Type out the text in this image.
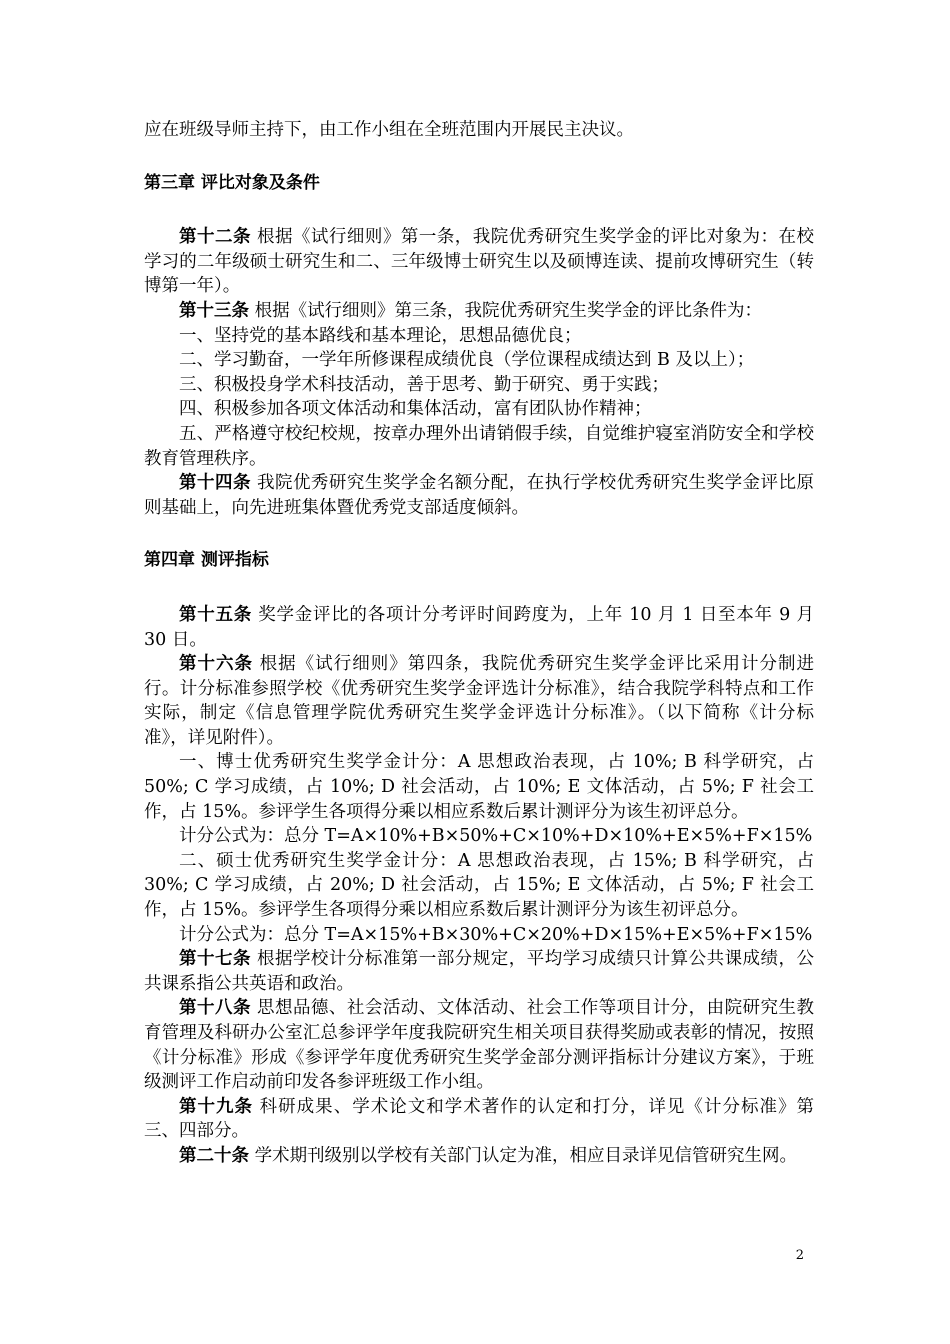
应在班级导师主持下，由工作小组在全班范围内开展民主决议。

第三章 评比对象及条件

第十二条 根据《试行细则》第一条，我院优秀研究生奖学金的评比对象为：在校学习的二年级硕士研究生和二、三年级博士研究生以及硕博连读、提前攻博研究生（转博第一年）。

第十三条 根据《试行细则》第三条，我院优秀研究生奖学金的评比条件为：

一、坚持党的基本路线和基本理论，思想品德优良；

二、学习勤奋，一学年所修课程成绩优良（学位课程成绩达到 B 及以上）；

三、积极投身学术科技活动，善于思考、勤于研究、勇于实践；

四、积极参加各项文体活动和集体活动，富有团队协作精神；

五、严格遵守校纪校规，按章办理外出请销假手续，自觉维护寝室消防安全和学校教育管理秩序。

第十四条 我院优秀研究生奖学金名额分配，在执行学校优秀研究生奖学金评比原则基础上，向先进班集体暨优秀党支部适度倾斜。

第四章 测评指标

第十五条 奖学金评比的各项计分考评时间跨度为，上年 10 月 1 日至本年 9 月 30 日。

第十六条 根据《试行细则》第四条，我院优秀研究生奖学金评比采用计分制进行。计分标准参照学校《优秀研究生奖学金评选计分标准》，结合我院学科特点和工作实际，制定《信息管理学院优秀研究生奖学金评选计分标准》。（以下简称《计分标准》，详见附件）。

一、博士优秀研究生奖学金计分：A 思想政治表现，占 10%; B 科学研究，占 50%; C 学习成绩，占 10%; D 社会活动，占 10%; E 文体活动，占 5%; F 社会工作，占 15%。参评学生各项得分乘以相应系数后累计测评分为该生初评总分。

计分公式为：总分 T=A×10%+B×50%+C×10%+D×10%+E×5%+F×15%

二、硕士优秀研究生奖学金计分：A 思想政治表现，占 15%; B 科学研究，占 30%; C 学习成绩，占 20%; D 社会活动，占 15%; E 文体活动，占 5%; F 社会工作，占 15%。参评学生各项得分乘以相应系数后累计测评分为该生初评总分。

计分公式为：总分 T=A×15%+B×30%+C×20%+D×15%+E×5%+F×15%

第十七条 根据学校计分标准第一部分规定，平均学习成绩只计算公共课成绩，公共课系指公共英语和政治。

第十八条 思想品德、社会活动、文体活动、社会工作等项目计分，由院研究生教育管理及科研办公室汇总参评学年度我院研究生相关项目获得奖励或表彰的情况，按照《计分标准》形成《参评学年度优秀研究生奖学金部分测评指标计分建议方案》，于班级测评工作启动前印发各参评班级工作小组。

第十九条 科研成果、学术论文和学术著作的认定和打分，详见《计分标准》第三、四部分。

第二十条 学术期刊级别以学校有关部门认定为准，相应目录详见信管研究生网。

2
